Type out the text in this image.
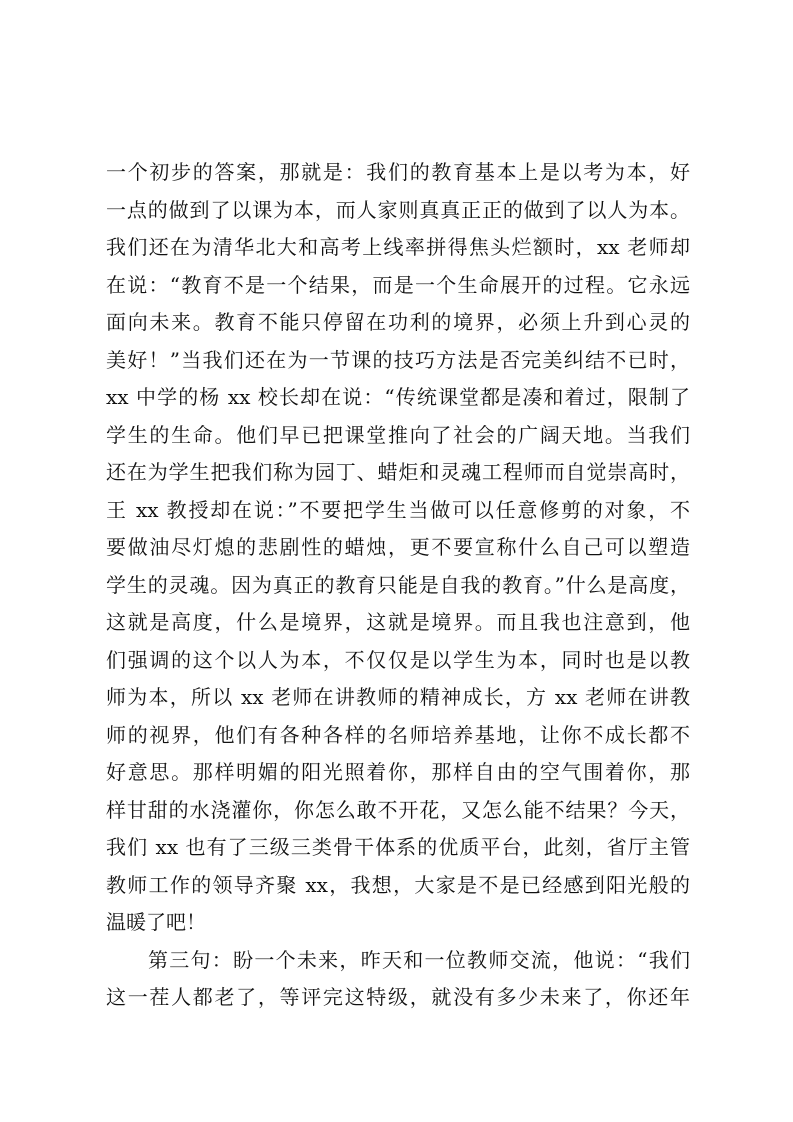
一个初步的答案，那就是：我们的教育基本上是以考为本，好
一点的做到了以课为本，而人家则真真正正的做到了以人为本。
我们还在为清华北大和高考上线率拼得焦头烂额时，xx 老师却
在说：“教育不是一个结果，而是一个生命展开的过程。它永远
面向未来。教育不能只停留在功利的境界，必须上升到心灵的
美好！”当我们还在为一节课的技巧方法是否完美纠结不已时，
xx 中学的杨 xx 校长却在说：“传统课堂都是凑和着过，限制了
学生的生命。他们早已把课堂推向了社会的广阔天地。当我们
还在为学生把我们称为园丁、蜡炬和灵魂工程师而自觉崇高时，
王 xx 教授却在说：”不要把学生当做可以任意修剪的对象，不
要做油尽灯熄的悲剧性的蜡烛，更不要宣称什么自己可以塑造
学生的灵魂。因为真正的教育只能是自我的教育。”什么是高度，
这就是高度，什么是境界，这就是境界。而且我也注意到，他
们强调的这个以人为本，不仅仅是以学生为本，同时也是以教
师为本，所以 xx 老师在讲教师的精神成长，方 xx 老师在讲教
师的视界，他们有各种各样的名师培养基地，让你不成长都不
好意思。那样明媚的阳光照着你，那样自由的空气围着你，那
样甘甜的水浇灌你，你怎么敢不开花，又怎么能不结果？今天，
我们 xx 也有了三级三类骨干体系的优质平台，此刻，省厅主管
教师工作的领导齐聚 xx，我想，大家是不是已经感到阳光般的
温暖了吧！
第三句：盼一个未来，昨天和一位教师交流，他说：“我们
这一茬人都老了，等评完这特级，就没有多少未来了，你还年
